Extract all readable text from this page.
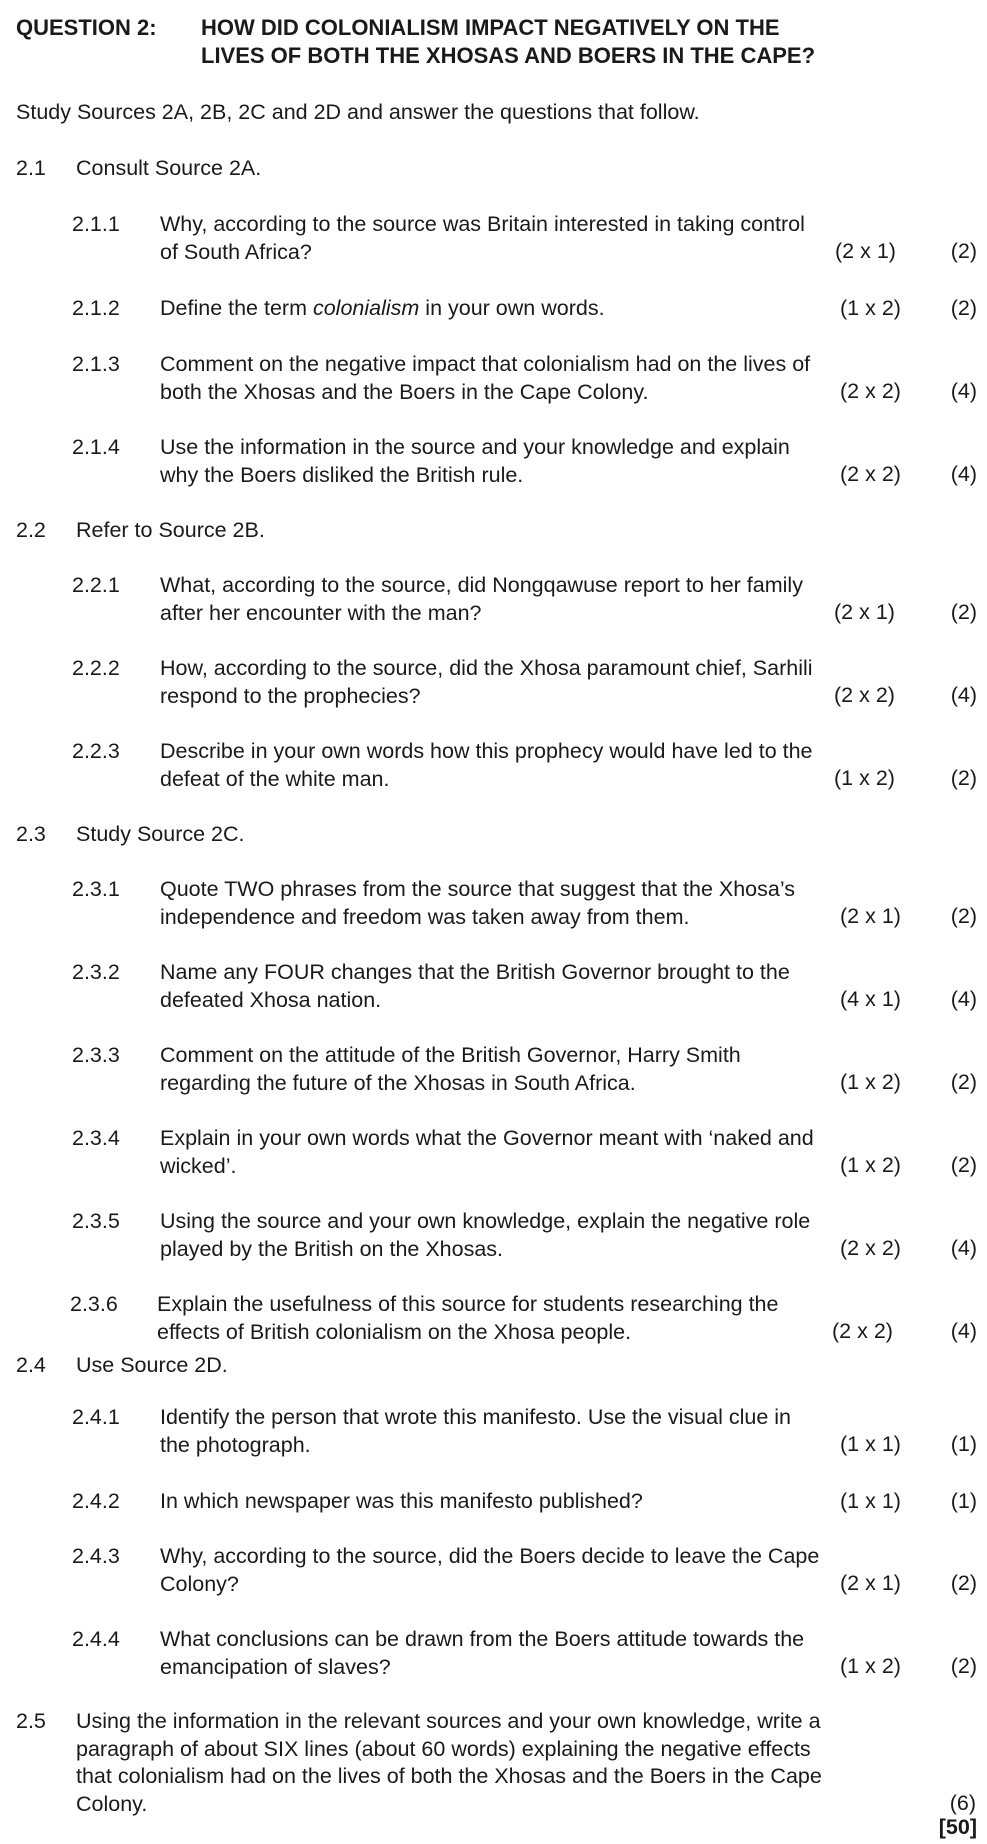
QUESTION 2: HOW DID COLONIALISM IMPACT NEGATIVELY ON THE
LIVES OF BOTH THE XHOSAS AND BOERS IN THE CAPE?
Study Sources 2A, 2B, 2C and 2D and answer the questions that follow.
2.1 Consult Source 2A.
2.1.1 Why, according to the source was Britain interested in taking control
of South Africa?	(2 x 1)	(2)
2.1.2 Define the term colonialism in your own words.	(1 x 2) (2)
2.1.3 Comment on the negative impact that colonialism had on the lives of
both the Xhosas and the Boers in the Cape Colony.	(2 x 2) (4)
2.1.4 Use the information in the source and your knowledge and explain
why the Boers disliked the British rule.	(2 x 2) (4)
2.2 Refer to Source 2B.
2.2.1 What, according to the source, did Nongqawuse report to her family
after her encounter with the man?	(2 x 1)	(2)
2.2.2 How, according to the source, did the Xhosa paramount chief, Sarhili
respond to the prophecies?	(2 x 2)	(4)
2.2.3 Describe in your own words how this prophecy would have led to the
defeat of the white man.	(1 x 2)	(2)
2.3 Study Source 2C.
2.3.1 Quote TWO phrases from the source that suggest that the Xhosa’s
independence and freedom was taken away from them.	(2 x 1) (2)
2.3.2 Name any FOUR changes that the British Governor brought to the
defeated Xhosa nation.	(4 x 1) (4)
2.3.3 Comment on the attitude of the British Governor, Harry Smith
regarding the future of the Xhosas in South Africa.	(1 x 2) (2)
2.3.4 Explain in your own words what the Governor meant with ‘naked and
wicked’.	(1 x 2) (2)
2.3.5 Using the source and your own knowledge, explain the negative role
played by the British on the Xhosas.	(2 x 2) (4)
2.3.6 Explain the usefulness of this source for students researching the
effects of British colonialism on the Xhosa people.	(2 x 2)	(4)
2.4 Use Source 2D.
2.4.1 Identify the person that wrote this manifesto. Use the visual clue in
the photograph.	(1 x 1) (1)
2.4.2 In which newspaper was this manifesto published?	(1 x 1) (1)
2.4.3 Why, according to the source, did the Boers decide to leave the Cape
Colony?	(2 x 1) (2)
2.4.4 What conclusions can be drawn from the Boers attitude towards the
emancipation of slaves?	(1 x 2) (2)
2.5 Using the information in the relevant sources and your own knowledge, write a
paragraph of about SIX lines (about 60 words) explaining the negative effects
that colonialism had on the lives of both the Xhosas and the Boers in the Cape
Colony.	(6)
[50]
